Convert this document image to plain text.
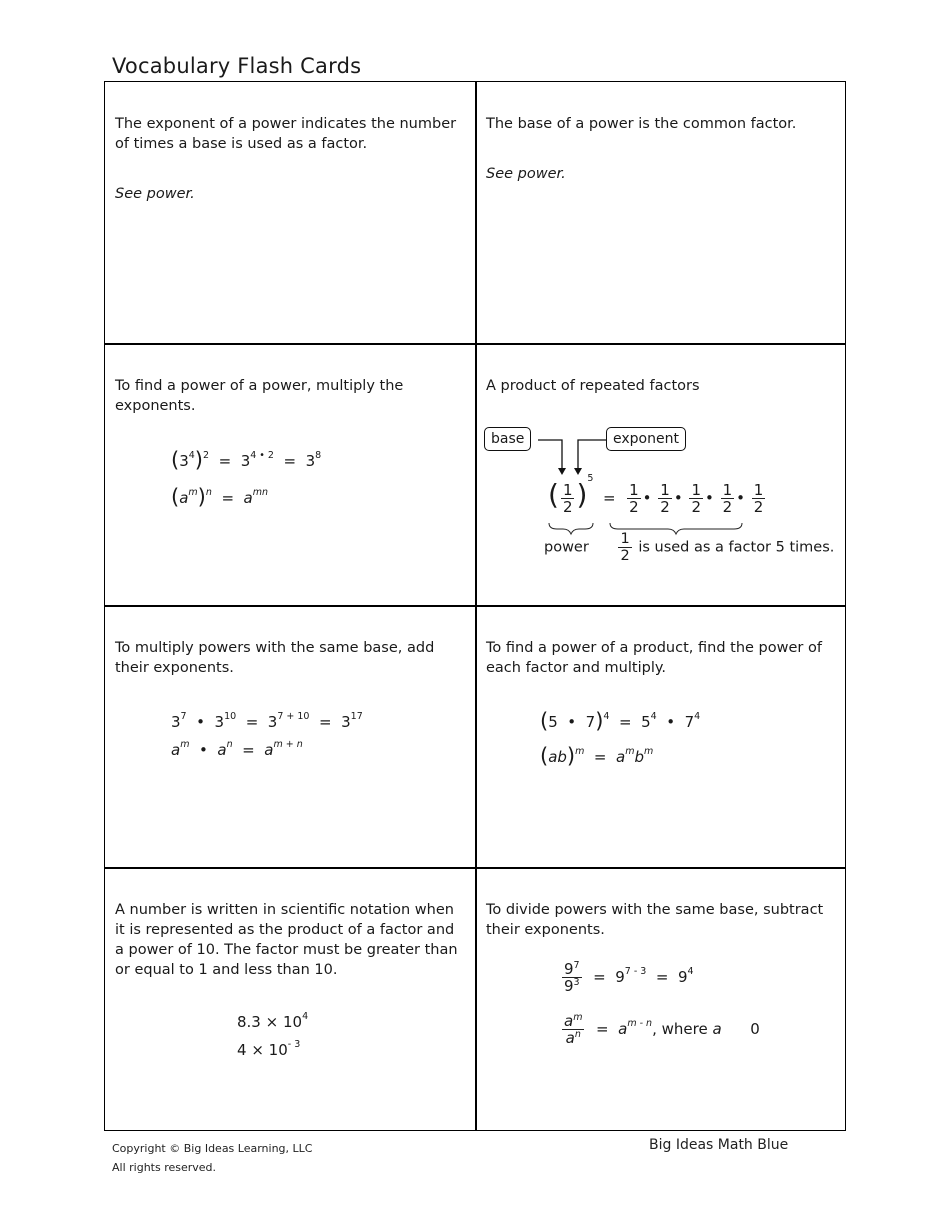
Vocabulary Flash Cards

The exponent of a power indicates the number of times a base is used as a factor.

See power.

The base of a power is the common factor.

See power.

To find a power of a power, multiply the exponents.

$(3^4)^2 = 3^{4 • 2} = 3^8$
$(a^m)^n = a^{mn}$

A product of repeated factors

base	exponent
( $\frac{1}{2} )^5 = \frac{1}{2}$ • $\frac{1}{2}$ • $\frac{1}{2}$ • $\frac{1}{2}$ • $\frac{1}{2}$
power $\frac{1}{2}$ is used as a factor 5 times.

To multiply powers with the same base, add their exponents.

$3^7$  •  $3^{10} = 3^{7 + 10} = 3^{17}$
$a^m$  •  $a^n = a^{m + n}$

To find a power of a product, find the power of each factor and multiply.

(5  •  $7)^4 = 5^4$  •  $7^4$
$(ab)^m = a^mb^m$

A number is written in scientific notation when it is represented as the product of a factor and a power of 10. The factor must be greater than or equal to 1 and less than 10.

$8.3 \times 10^4$
$4 \times 10^{- 3}$

To divide powers with the same base, subtract their exponents.

$\frac{9^7}{9^3} = 9^{7 - 3} = 9^4$
$\frac{a^m}{a^n} = a^{m - n}$, where a 0
Copyright © Big Ideas Learning, LLC
All rights reserved.
Big Ideas Math Blue
